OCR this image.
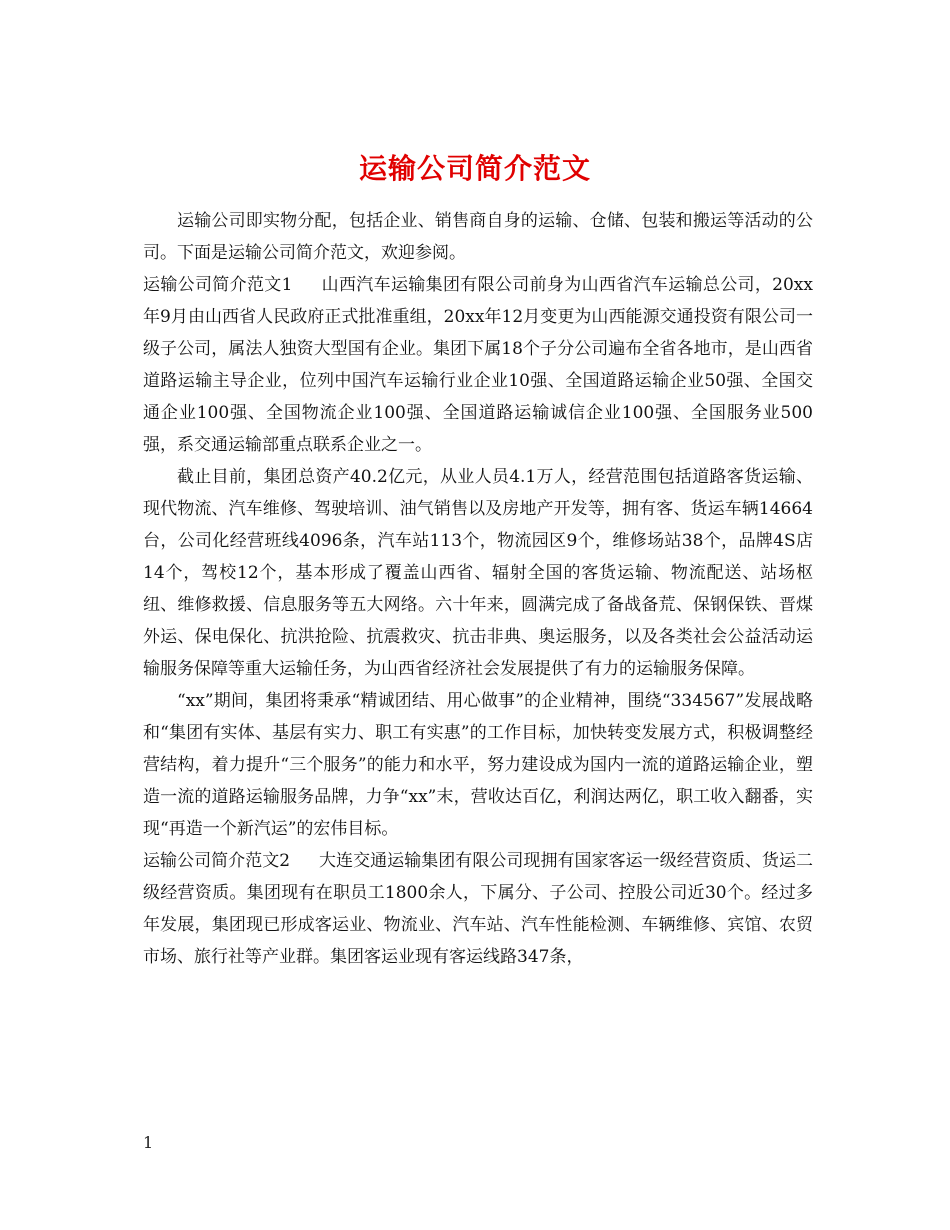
运输公司简介范文

运输公司即实物分配，包括企业、销售商自身的运输、仓储、包装和搬运等活动的公司。下面是运输公司简介范文，欢迎参阅。

运输公司简介范文1 山西汽车运输集团有限公司前身为山西省汽车运输总公司，20xx年9月由山西省人民政府正式批准重组，20xx年12月变更为山西能源交通投资有限公司一级子公司，属法人独资大型国有企业。集团下属18个子分公司遍布全省各地市，是山西省道路运输主导企业，位列中国汽车运输行业企业10强、全国道路运输企业50强、全国交通企业100强、全国物流企业100强、全国道路运输诚信企业100强、全国服务业500强，系交通运输部重点联系企业之一。

截止目前，集团总资产40.2亿元，从业人员4.1万人，经营范围包括道路客货运输、现代物流、汽车维修、驾驶培训、油气销售以及房地产开发等，拥有客、货运车辆14664台，公司化经营班线4096条，汽车站113个，物流园区9个，维修场站38个，品牌4S店14个，驾校12个，基本形成了覆盖山西省、辐射全国的客货运输、物流配送、站场枢纽、维修救援、信息服务等五大网络。六十年来，圆满完成了备战备荒、保钢保铁、晋煤外运、保电保化、抗洪抢险、抗震救灾、抗击非典、奥运服务，以及各类社会公益活动运输服务保障等重大运输任务，为山西省经济社会发展提供了有力的运输服务保障。

“xx”期间，集团将秉承“精诚团结、用心做事”的企业精神，围绕“334567”发展战略和“集团有实体、基层有实力、职工有实惠”的工作目标，加快转变发展方式，积极调整经营结构，着力提升“三个服务”的能力和水平，努力建设成为国内一流的道路运输企业，塑造一流的道路运输服务品牌，力争“xx”末，营收达百亿，利润达两亿，职工收入翻番，实现“再造一个新汽运”的宏伟目标。

运输公司简介范文2 大连交通运输集团有限公司现拥有国家客运一级经营资质、货运二级经营资质。集团现有在职员工1800余人，下属分、子公司、控股公司近30个。经过多年发展，集团现已形成客运业、物流业、汽车站、汽车性能检测、车辆维修、宾馆、农贸市场、旅行社等产业群。集团客运业现有客运线路347条，

1
